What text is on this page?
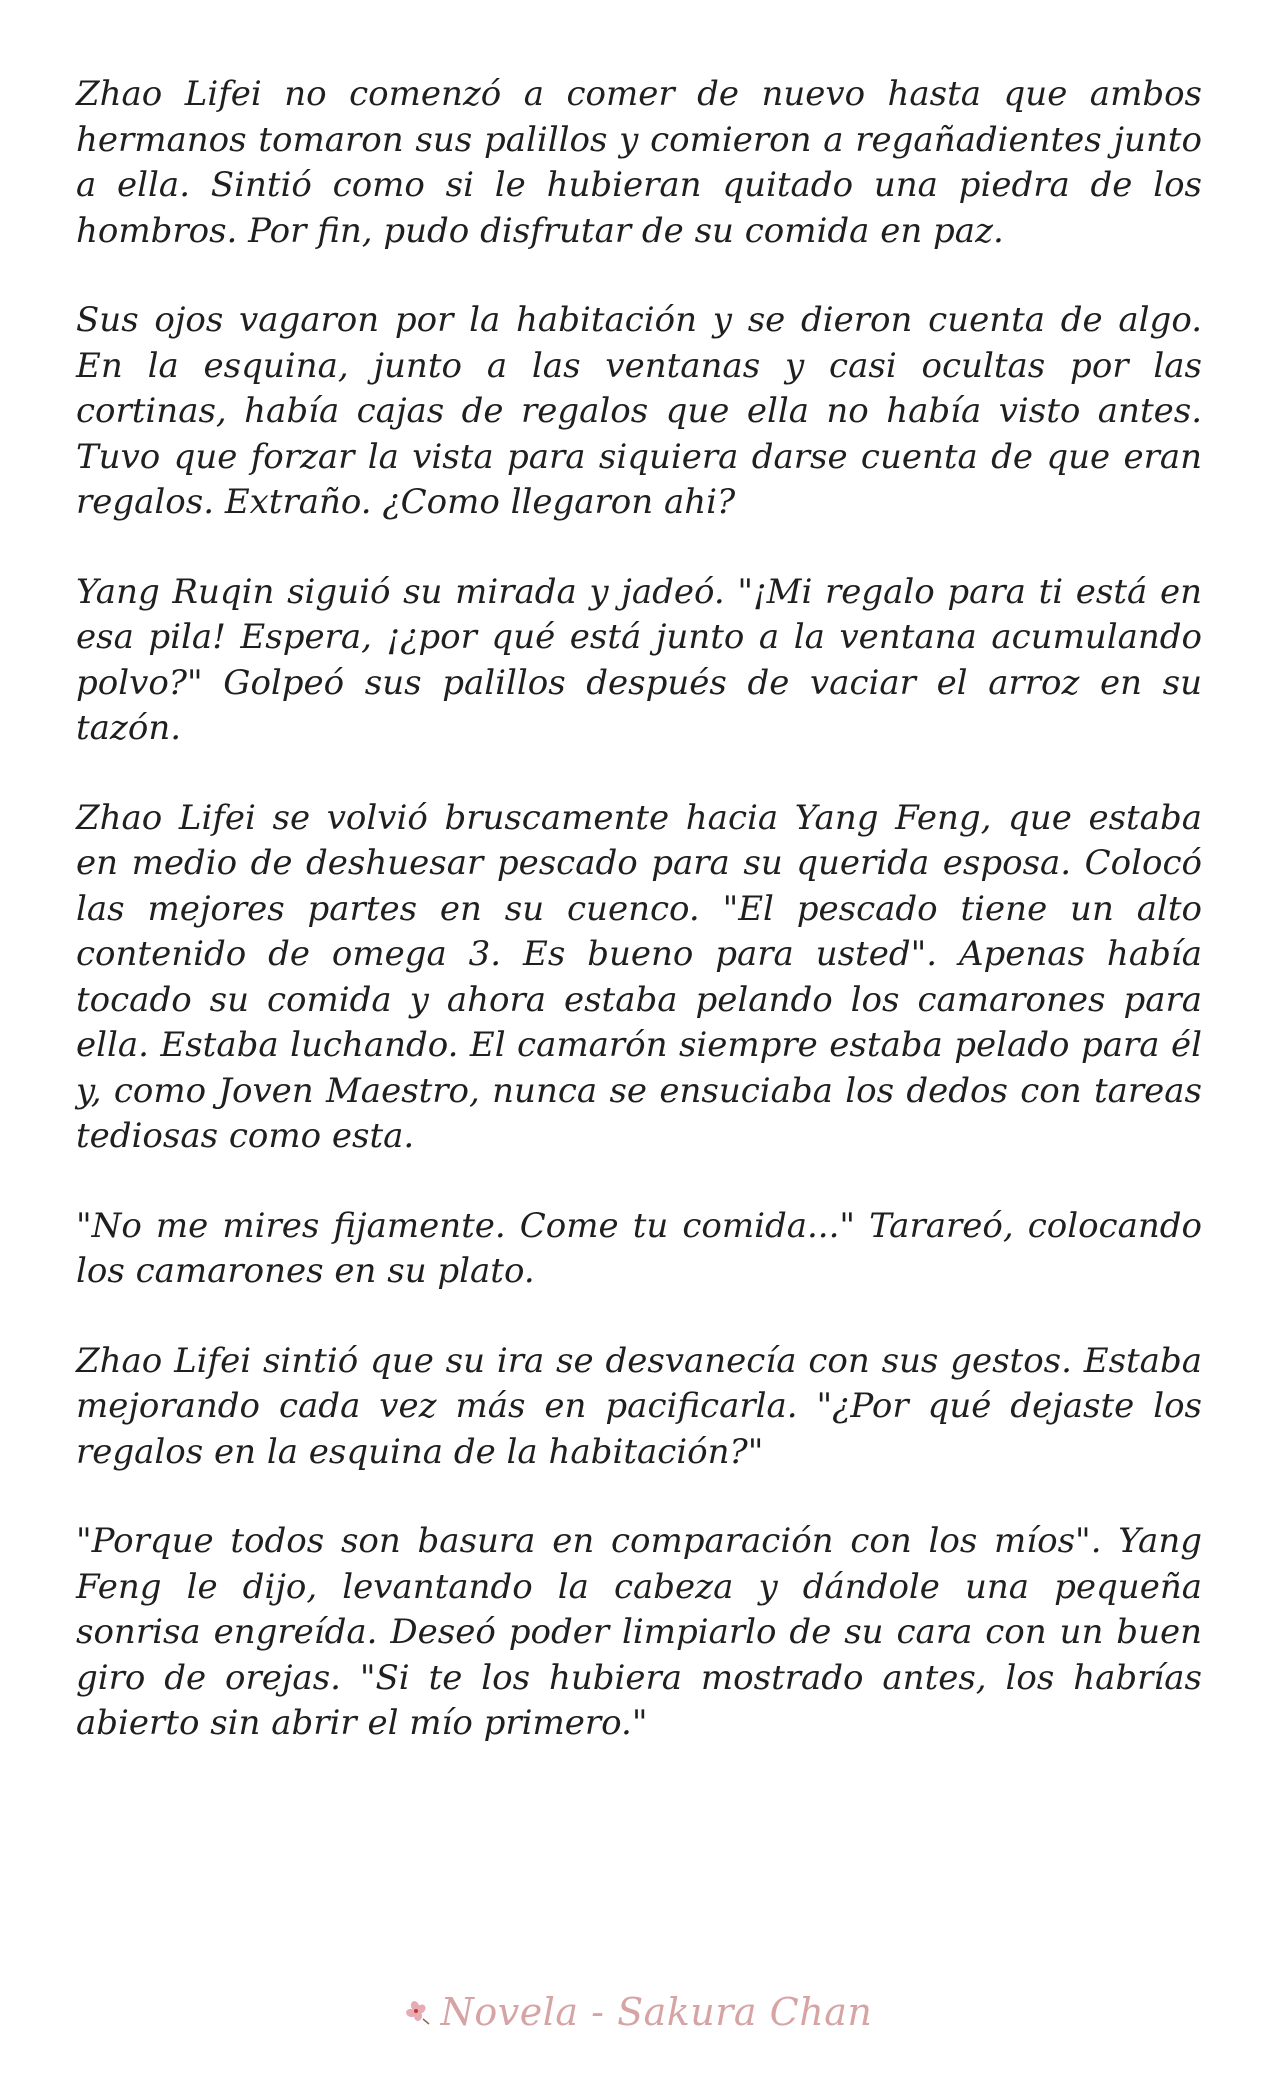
Zhao Lifei no comenzó a comer de nuevo hasta que ambos hermanos tomaron sus palillos y comieron a regañadientes junto a ella. Sintió como si le hubieran quitado una piedra de los hombros. Por fin, pudo disfrutar de su comida en paz.

Sus ojos vagaron por la habitación y se dieron cuenta de algo. En la esquina, junto a las ventanas y casi ocultas por las cortinas, había cajas de regalos que ella no había visto antes. Tuvo que forzar la vista para siquiera darse cuenta de que eran regalos. Extraño. ¿Como llegaron ahi?

Yang Ruqin siguió su mirada y jadeó. "¡Mi regalo para ti está en esa pila! Espera, ¡¿por qué está junto a la ventana acumulando polvo?" Golpeó sus palillos después de vaciar el arroz en su tazón.

Zhao Lifei se volvió bruscamente hacia Yang Feng, que estaba en medio de deshuesar pescado para su querida esposa. Colocó las mejores partes en su cuenco. "El pescado tiene un alto contenido de omega 3. Es bueno para usted". Apenas había tocado su comida y ahora estaba pelando los camarones para ella. Estaba luchando. El camarón siempre estaba pelado para él y, como Joven Maestro, nunca se ensuciaba los dedos con tareas tediosas como esta.

"No me mires fijamente. Come tu comida..." Tarareó, colocando los camarones en su plato.

Zhao Lifei sintió que su ira se desvanecía con sus gestos. Estaba mejorando cada vez más en pacificarla. "¿Por qué dejaste los regalos en la esquina de la habitación?"

"Porque todos son basura en comparación con los míos". Yang Feng le dijo, levantando la cabeza y dándole una pequeña sonrisa engreída. Deseó poder limpiarlo de su cara con un buen giro de orejas. "Si te los hubiera mostrado antes, los habrías abierto sin abrir el mío primero."

Novela - Sakura Chan
